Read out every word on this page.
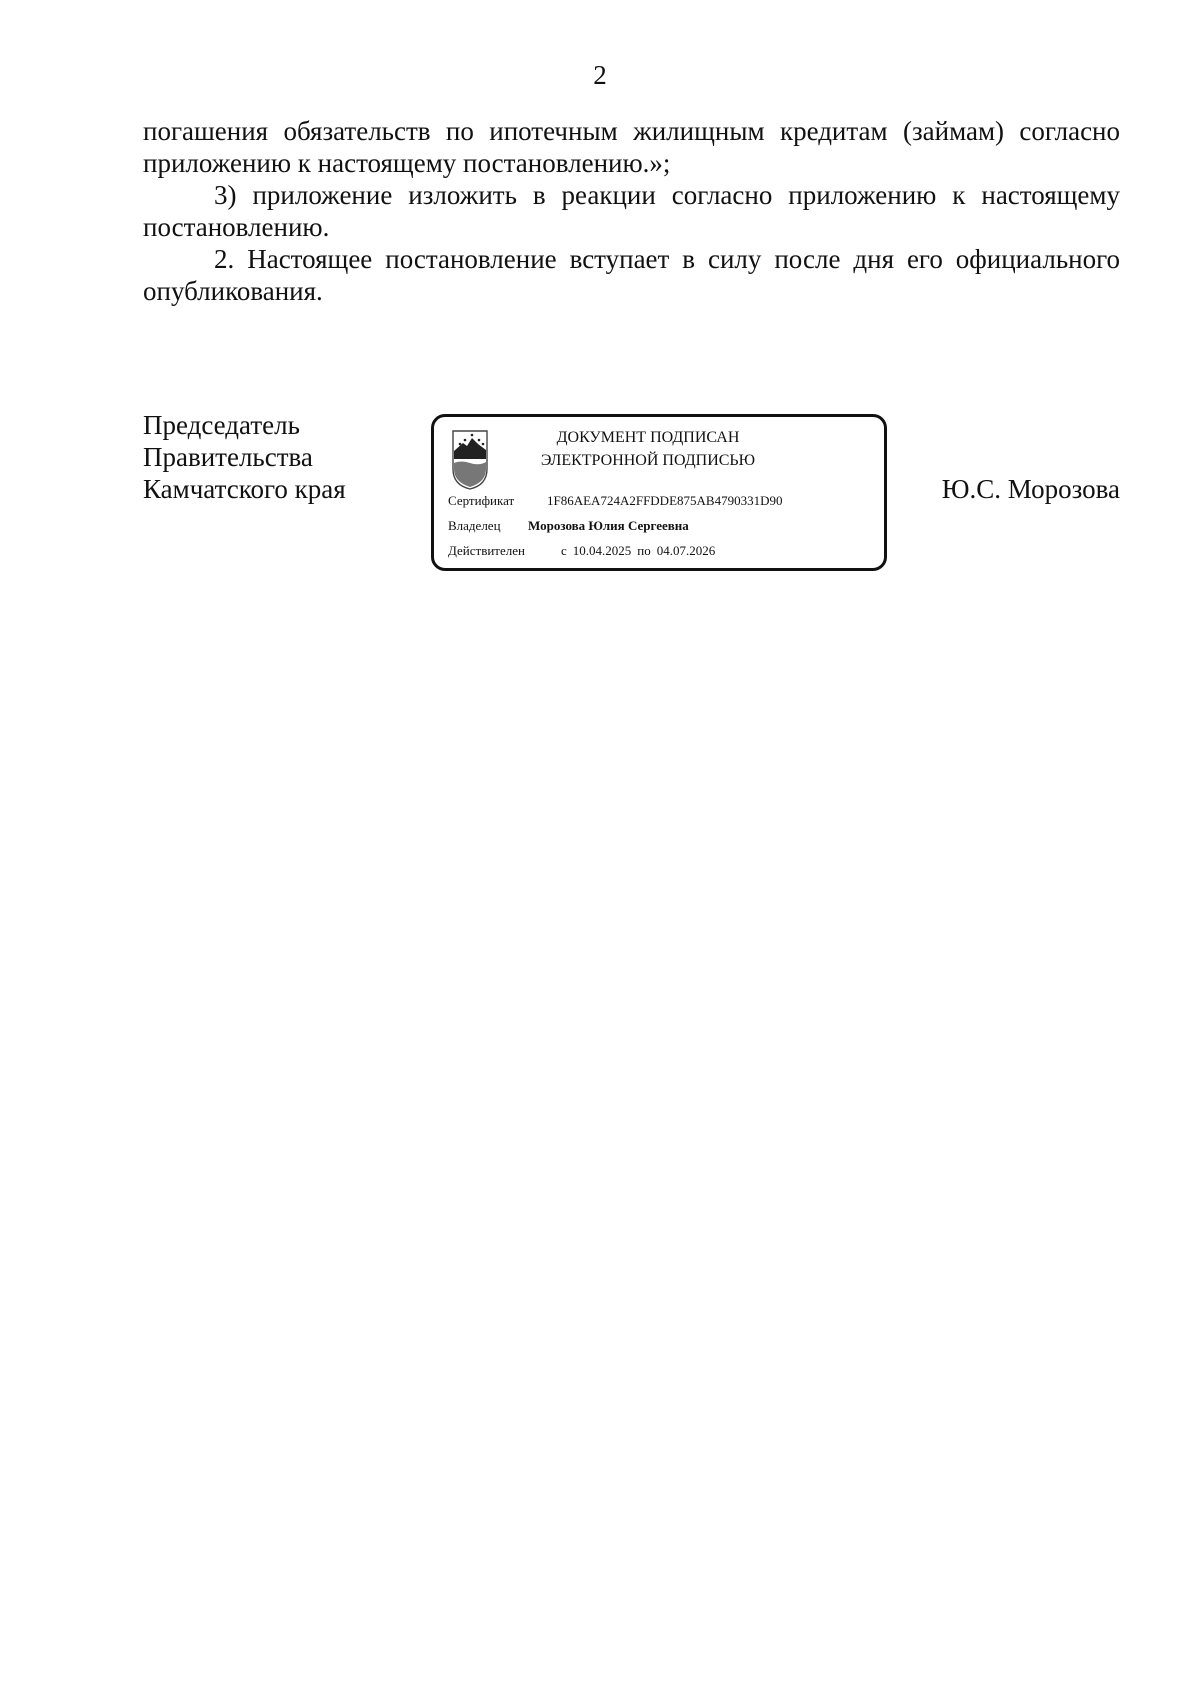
2

погашения обязательств по ипотечным жилищным кредитам (займам) согласно приложению к настоящему постановлению.»;

3) приложение изложить в реакции согласно приложению к настоящему постановлению.

2. Настоящее постановление вступает в силу после дня его официального опубликования.

Председатель
Правительства
Камчатского края
ДОКУМЕНТ ПОДПИСАН
ЭЛЕКТРОННОЙ ПОДПИСЬЮ
Сертификат	1F86AEA724A2FFDDE875AB4790331D90
Владелец Морозова Юлия Сергеевна
Действителен	с 10.04.2025 по 04.07.2026
Ю.С. Морозова
